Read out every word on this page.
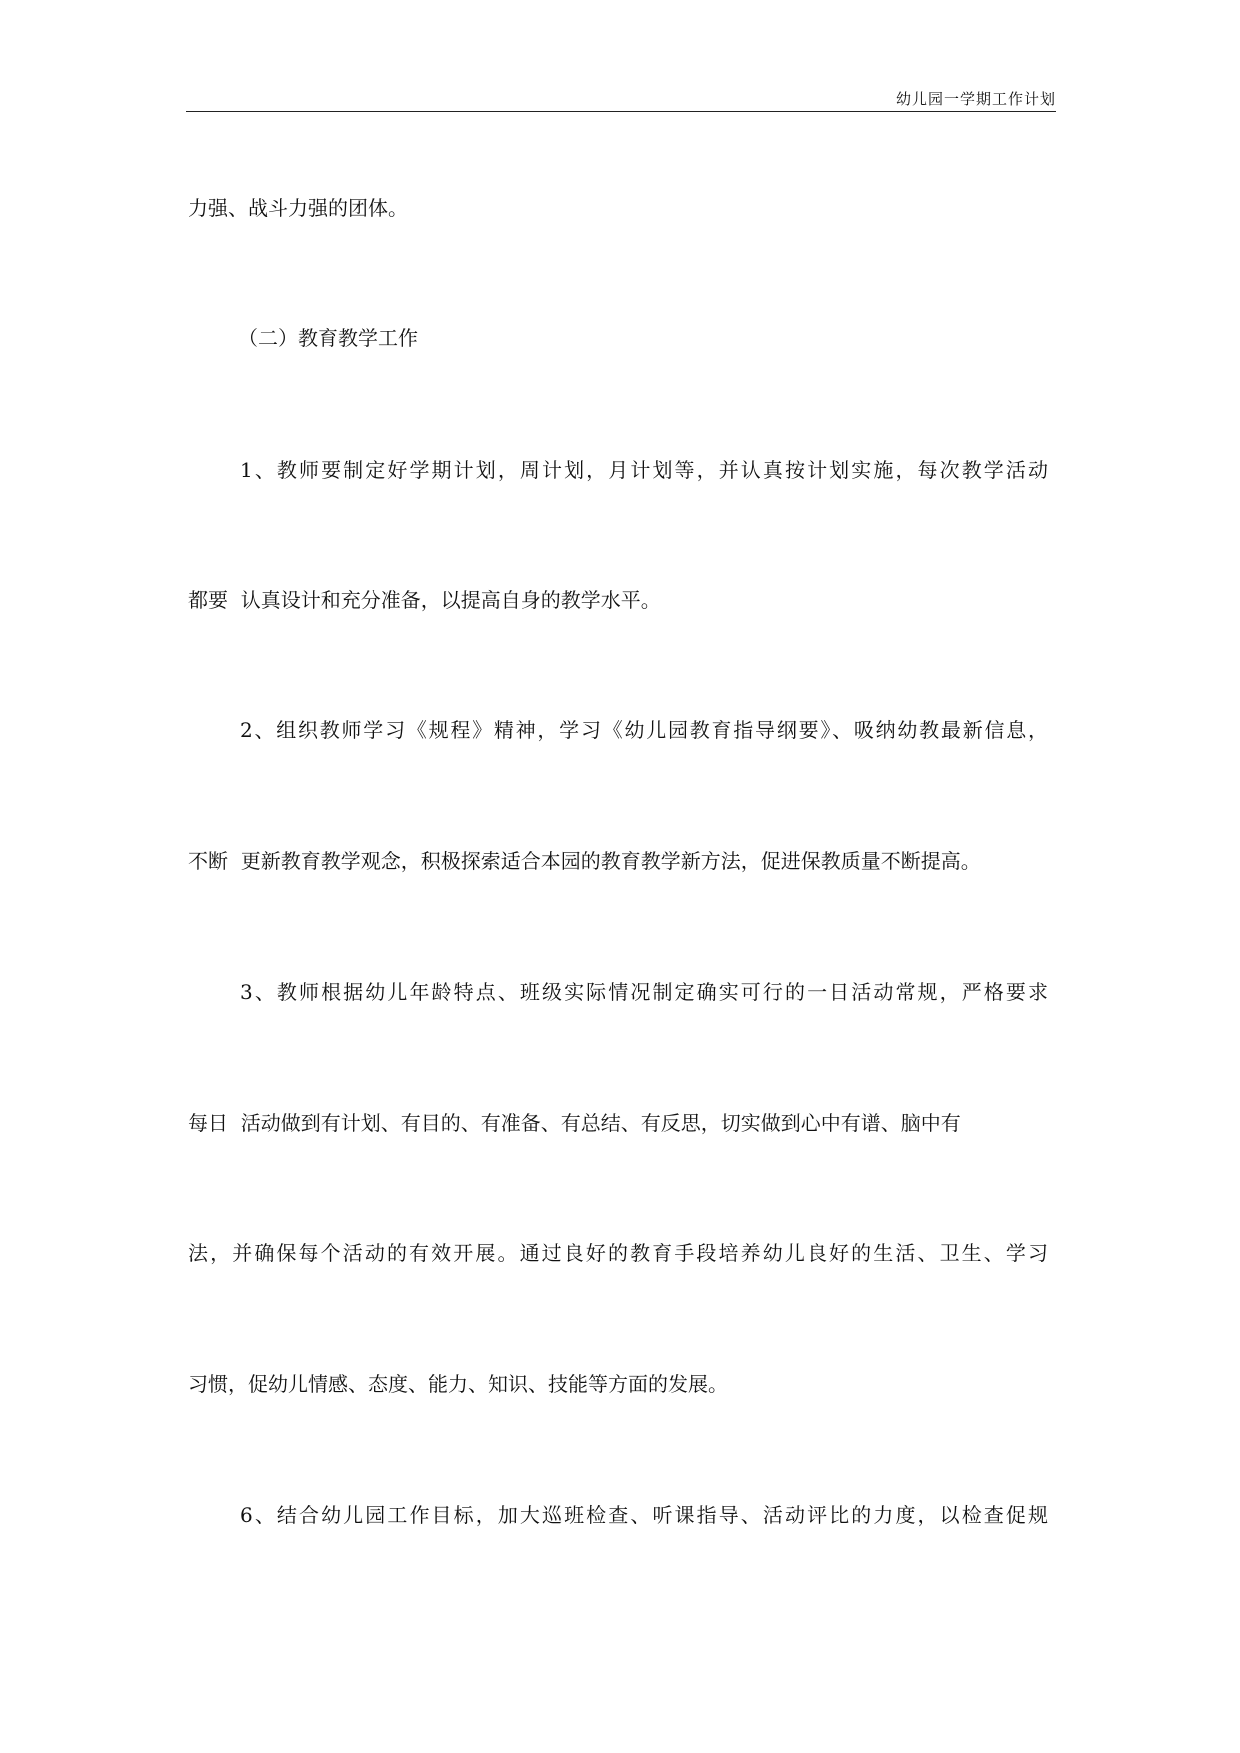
幼儿园一学期工作计划
力强、战斗力强的团体。
（二）教育教学工作
1、教师要制定好学期计划，周计划，月计划等，并认真按计划实施，每次教学活动
都要  认真设计和充分准备，以提高自身的教学水平。
2、组织教师学习《规程》精神，学习《幼儿园教育指导纲要》、吸纳幼教最新信息，
不断  更新教育教学观念，积极探索适合本园的教育教学新方法，促进保教质量不断提高。
3、教师根据幼儿年龄特点、班级实际情况制定确实可行的一日活动常规，严格要求
每日  活动做到有计划、有目的、有准备、有总结、有反思，切实做到心中有谱、脑中有
法，并确保每个活动的有效开展。通过良好的教育手段培养幼儿良好的生活、卫生、学习
习惯，促幼儿情感、态度、能力、知识、技能等方面的发展。
6、结合幼儿园工作目标，加大巡班检查、听课指导、活动评比的力度，以检查促规
